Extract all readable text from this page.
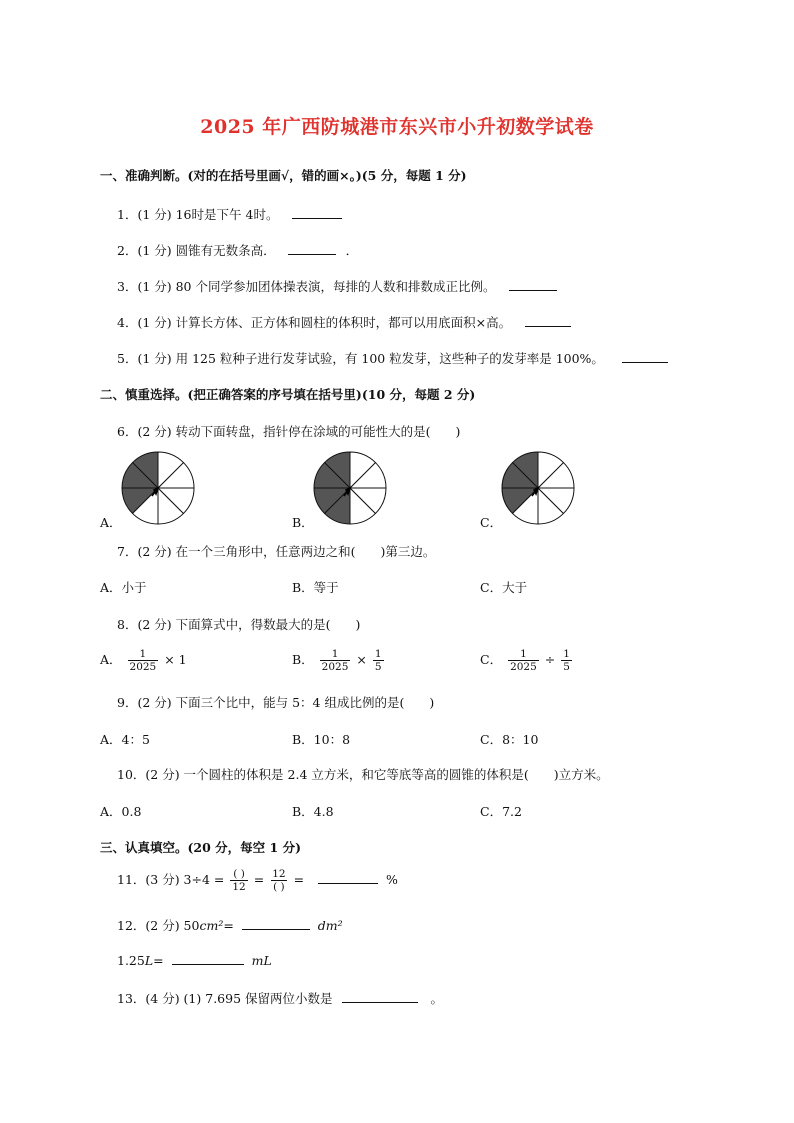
2025 年广西防城港市东兴市小升初数学试卷
一、准确判断。(对的在括号里画√，错的画×。)(5 分，每题 1 分)
1．(1 分) 16时是下午 4时。
2．(1 分) 圆锥有无数条高．	．
3．(1 分) 80 个同学参加团体操表演，每排的人数和排数成正比例。
4．(1 分) 计算长方体、正方体和圆柱的体积时，都可以用底面积×高。
5．(1 分) 用 125 粒种子进行发芽试验，有 100 粒发芽，这些种子的发芽率是 100%。
二、慎重选择。(把正确答案的序号填在括号里)(10 分，每题 2 分)
6．(2 分) 转动下面转盘，指针停在涂域的可能性大的是(　　)
A．	B．	C．
7．(2 分) 在一个三角形中，任意两边之和(　　)第三边。
A．小于	B．等于	C．大于
8．(2 分) 下面算式中，得数最大的是(　　)
A． $\frac{1}{2025} \times 1$	B． $\frac{1}{2025} \times \frac{1}{5}$	C． $\frac{1}{2025} \div \frac{1}{5}$
9．(2 分) 下面三个比中，能与 5：4 组成比例的是(　　)
A．4：5	B．10：8	C．8：10
10．(2 分) 一个圆柱的体积是 2.4 立方米，和它等底等高的圆锥的体积是(　　)立方米。
A．0.8	B．4.8	C．7.2
三、认真填空。(20 分，每空 1 分)
11．(3 分) $3\div 4 = \frac{( )}{12} = \frac{12}{( )}$ =	%
12．(2 分) 50cm²=	dm²
1.25L=	mL
13．(4 分) (1) 7.695 保留两位小数是	。
